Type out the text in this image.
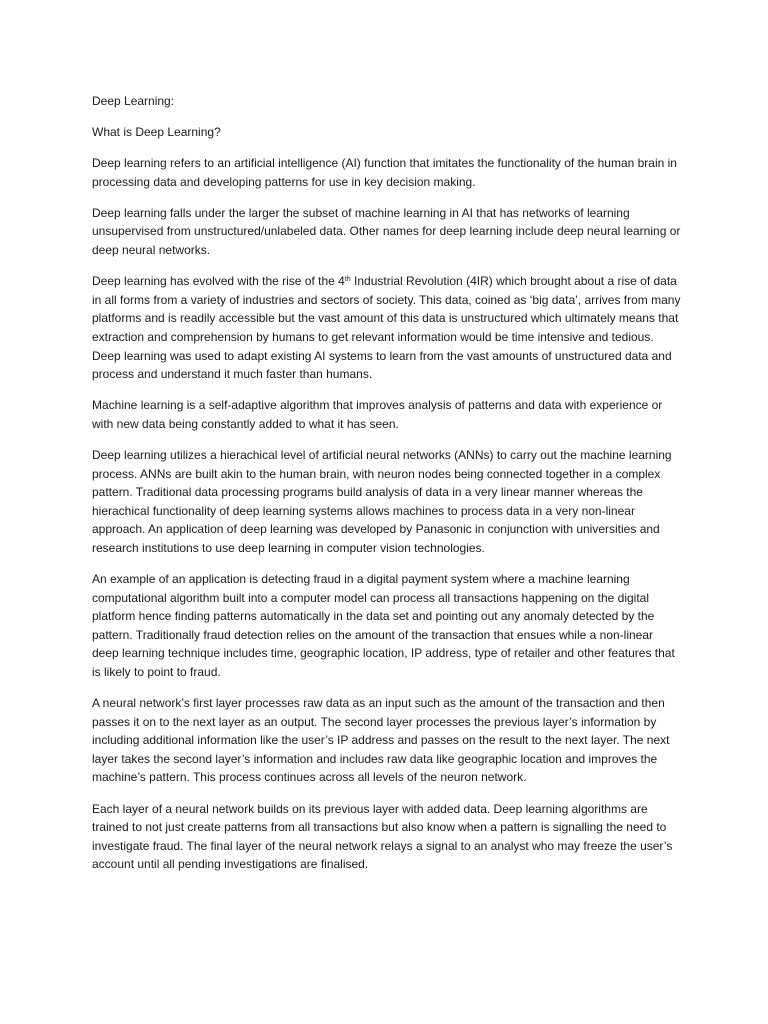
Deep Learning:

What is Deep Learning?

Deep learning refers to an artificial intelligence (AI) function that imitates the functionality of the human brain in processing data and developing patterns for use in key decision making.

Deep learning falls under the larger the subset of machine learning in AI that has networks of learning unsupervised from unstructured/unlabeled data. Other names for deep learning include deep neural learning or deep neural networks.

Deep learning has evolved with the rise of the 4th Industrial Revolution (4IR) which brought about a rise of data in all forms from a variety of industries and sectors of society. This data, coined as ‘big data’, arrives from many platforms and is readily accessible but the vast amount of this data is unstructured which ultimately means that extraction and comprehension by humans to get relevant information would be time intensive and tedious. Deep learning was used to adapt existing AI systems to learn from the vast amounts of unstructured data and process and understand it much faster than humans.

Machine learning is a self-adaptive algorithm that improves analysis of patterns and data with experience or with new data being constantly added to what it has seen.

Deep learning utilizes a hierachical level of artificial neural networks (ANNs) to carry out the machine learning process. ANNs are built akin to the human brain, with neuron nodes being connected together in a complex pattern. Traditional data processing programs build analysis of data in a very linear manner whereas the hierachical functionality of deep learning systems allows machines to process data in a very non-linear approach. An application of deep learning was developed by Panasonic in conjunction with universities and research institutions to use deep learning in computer vision technologies.

An example of an application is detecting fraud in a digital payment system where a machine learning computational algorithm built into a computer model can process all transactions happening on the digital platform hence finding patterns automatically in the data set and pointing out any anomaly detected by the pattern. Traditionally fraud detection relies on the amount of the transaction that ensues while a non-linear deep learning technique includes time, geographic location, IP address, type of retailer and other features that is likely to point to fraud.

A neural network’s first layer processes raw data as an input such as the amount of the transaction and then passes it on to the next layer as an output. The second layer processes the previous layer’s information by including additional information like the user’s IP address and passes on the result to the next layer. The next layer takes the second layer’s information and includes raw data like geographic location and improves the machine’s pattern. This process continues across all levels of the neuron network.

Each layer of a neural network builds on its previous layer with added data. Deep learning algorithms are trained to not just create patterns from all transactions but also know when a pattern is signalling the need to investigate fraud. The final layer of the neural network relays a signal to an analyst who may freeze the user’s account until all pending investigations are finalised.
